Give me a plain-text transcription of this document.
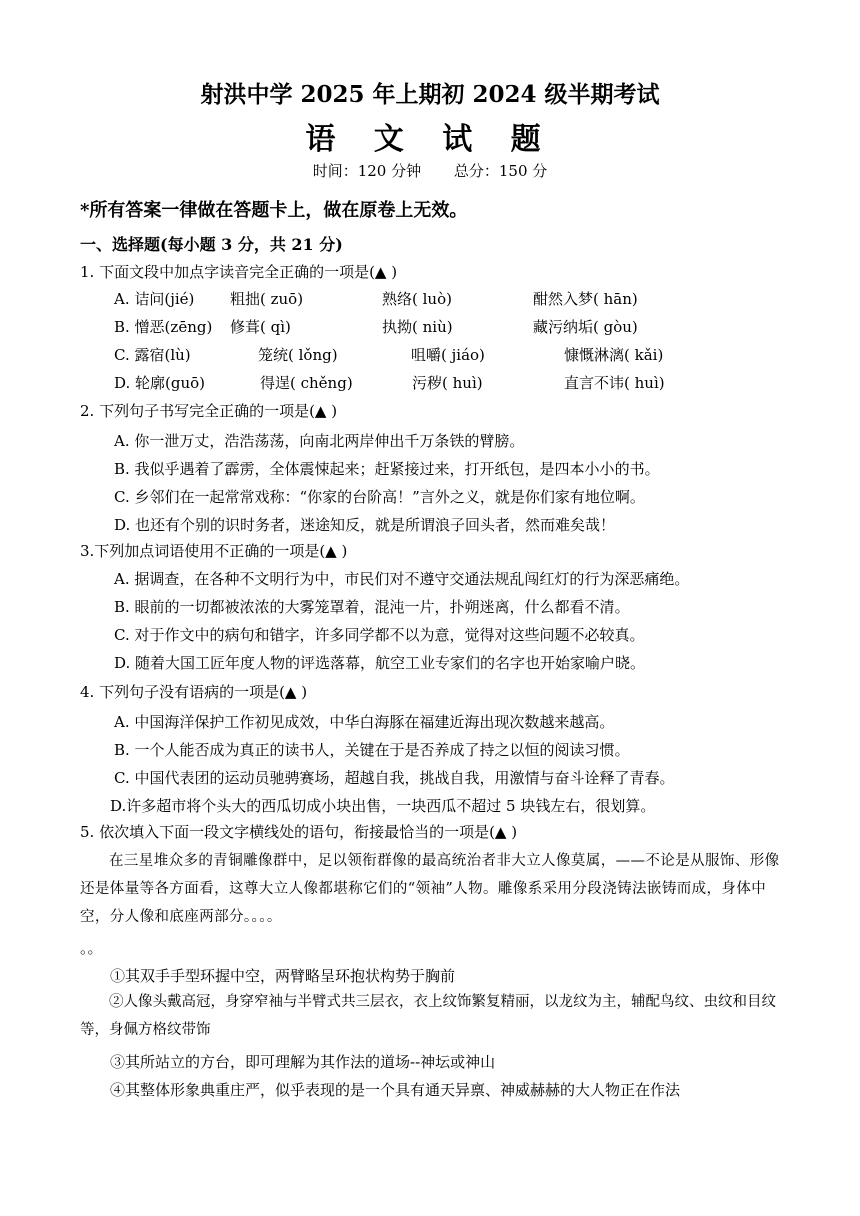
射洪中学 2025 年上期初 2024 级半期考试
语 文 试 题
时间：120 分钟 总分：150 分
*所有答案一律做在答题卡上，做在原卷上无效。
一、选择题(每小题 3 分，共 21 分)
1. 下面文段中加点字读音完全正确的一项是(▲ )
A. 诘问(jié) 粗拙( zuō)	熟络( luò)	酣然入梦( hān)
B. 憎恶(zēng) 修葺( qì)	执拗( niù)	藏污纳垢( gòu)
C. 露宿(lù)	笼统( lǒng)	咀嚼( jiáo)	慷慨淋漓( kǎi)
D. 轮廓(guō)	得逞( chěng)	污秽( huì)	直言不讳( huì)
2. 下列句子书写完全正确的一项是(▲ )
A. 你一泄万丈，浩浩荡荡，向南北两岸伸出千万条铁的臂膀。
B. 我似乎遇着了霹雳，全体震悚起来；赶紧接过来，打开纸包，是四本小小的书。
C. 乡邻们在一起常常戏称：“你家的台阶高！”言外之义，就是你们家有地位啊。
D. 也还有个别的识时务者，迷途知反，就是所谓浪子回头者，然而难矣哉！
3.下列加点词语使用不正确的一项是(▲ )
A. 据调查，在各种不文明行为中，市民们对不遵守交通法规乱闯红灯的行为深恶痛绝。
B. 眼前的一切都被浓浓的大雾笼罩着，混沌一片，扑朔迷离，什么都看不清。
C. 对于作文中的病句和错字，许多同学都不以为意，觉得对这些问题不必较真。
D. 随着大国工匠年度人物的评选落幕，航空工业专家们的名字也开始家喻户晓。
4. 下列句子没有语病的一项是(▲ )
A. 中国海洋保护工作初见成效，中华白海豚在福建近海出现次数越来越高。
B. 一个人能否成为真正的读书人，关键在于是否养成了持之以恒的阅读习惯。
C. 中国代表团的运动员驰骋赛场，超越自我，挑战自我，用激情与奋斗诠释了青春。
D.许多超市将个头大的西瓜切成小块出售，一块西瓜不超过 5 块钱左右，很划算。
5. 依次填入下面一段文字横线处的语句，衔接最恰当的一项是(▲ )
在三星堆众多的青铜雕像群中，足以领衔群像的最高统治者非大立人像莫属，——不论是从服饰、形像还是体量等各方面看，这尊大立人像都堪称它们的“领袖”人物。雕像系采用分段浇铸法嵌铸而成，身体中空，分人像和底座两部分。。。。
。。
①其双手手型环握中空，两臂略呈环抱状构势于胸前
②人像头戴高冠，身穿窄袖与半臂式共三层衣，衣上纹饰繁复精丽，以龙纹为主，辅配鸟纹、虫纹和目纹等，身佩方格纹带饰
③其所站立的方台，即可理解为其作法的道场--神坛或神山
④其整体形象典重庄严，似乎表现的是一个具有通天异禀、神威赫赫的大人物正在作法
